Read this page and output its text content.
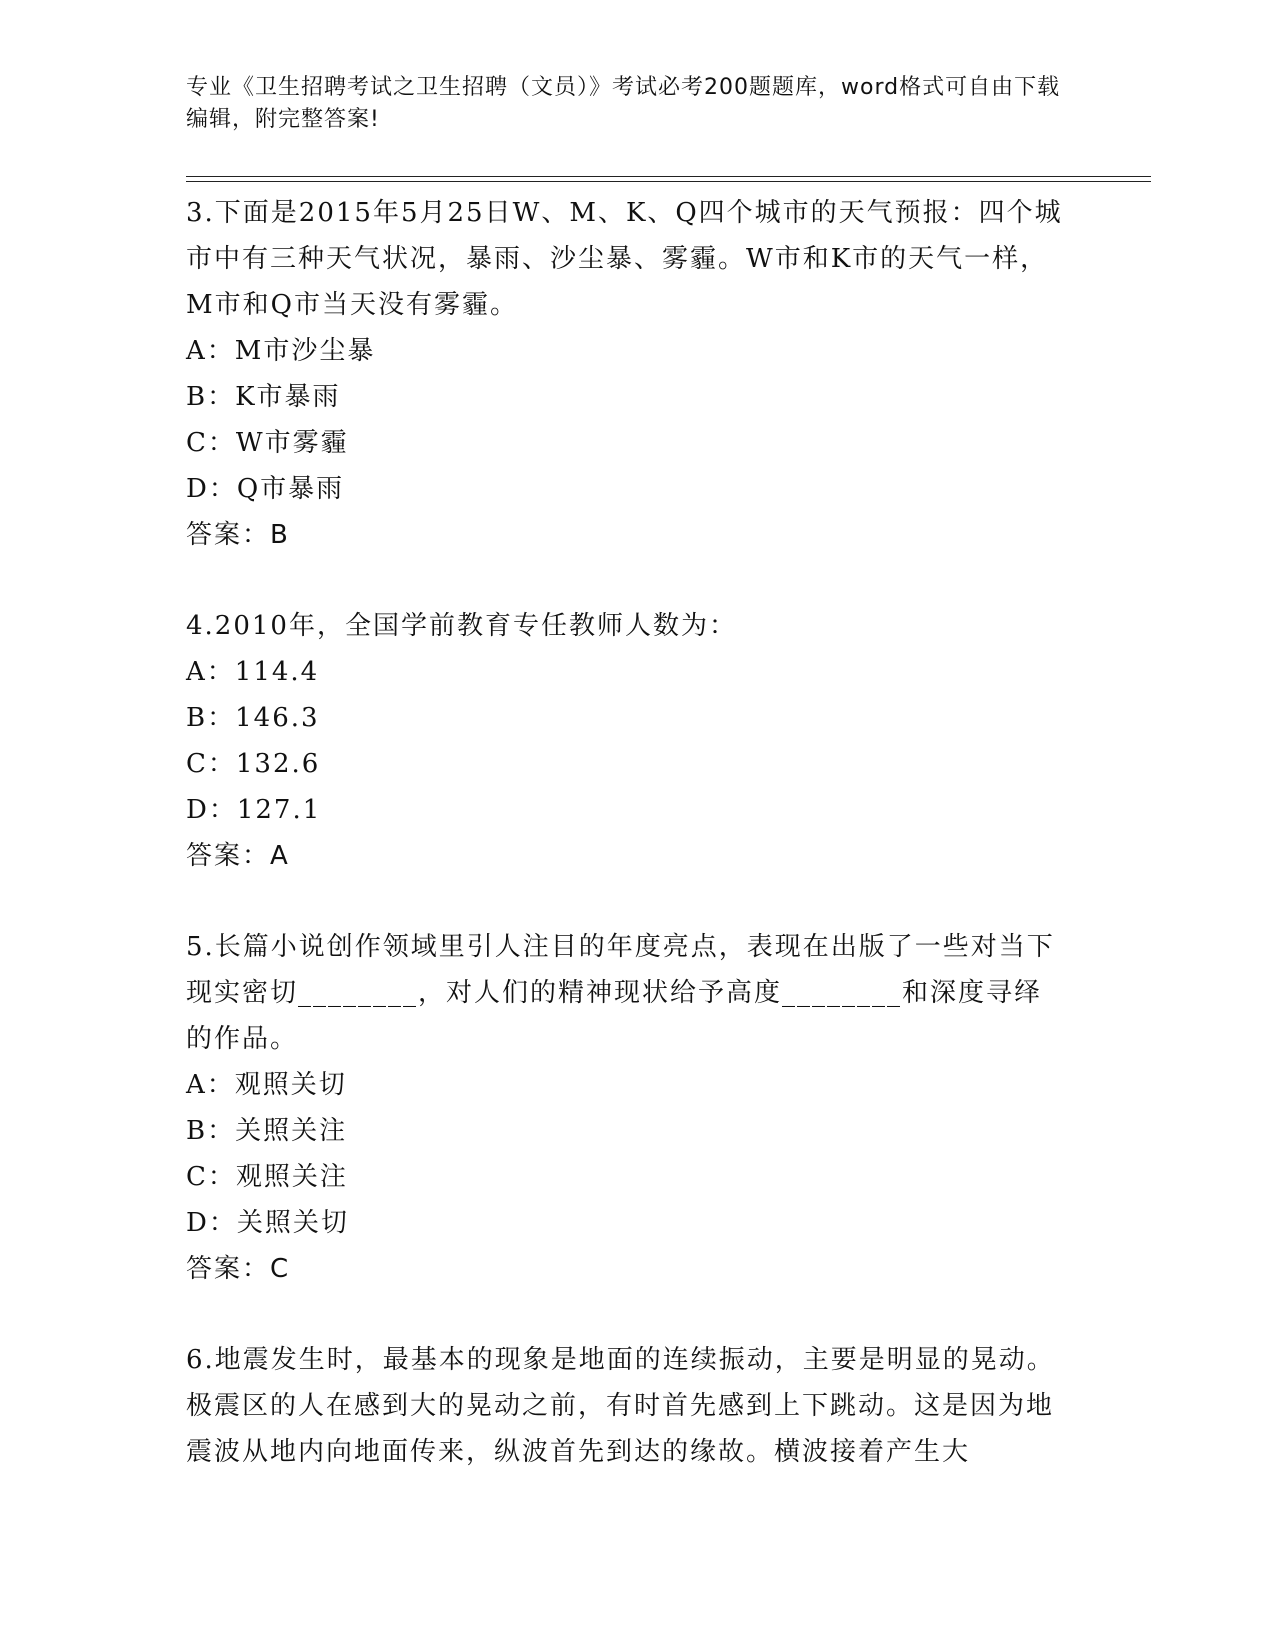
专业《卫生招聘考试之卫生招聘（文员）》考试必考200题题库，word格式可自由下载编辑，附完整答案!

3.下面是2015年5月25日W、M、K、Q四个城市的天气预报：四个城市中有三种天气状况，暴雨、沙尘暴、雾霾。W市和K市的天气一样，M市和Q市当天没有雾霾。

A：M市沙尘暴

B：K市暴雨

C：W市雾霾

D：Q市暴雨

答案：B

4.2010年，全国学前教育专任教师人数为：

A：114.4

B：146.3

C：132.6

D：127.1

答案：A

5.长篇小说创作领域里引人注目的年度亮点，表现在出版了一些对当下现实密切________，对人们的精神现状给予高度________和深度寻绎的作品。

A：观照关切

B：关照关注

C：观照关注

D：关照关切

答案：C

6.地震发生时，最基本的现象是地面的连续振动，主要是明显的晃动。极震区的人在感到大的晃动之前，有时首先感到上下跳动。这是因为地震波从地内向地面传来，纵波首先到达的缘故。横波接着产生大
